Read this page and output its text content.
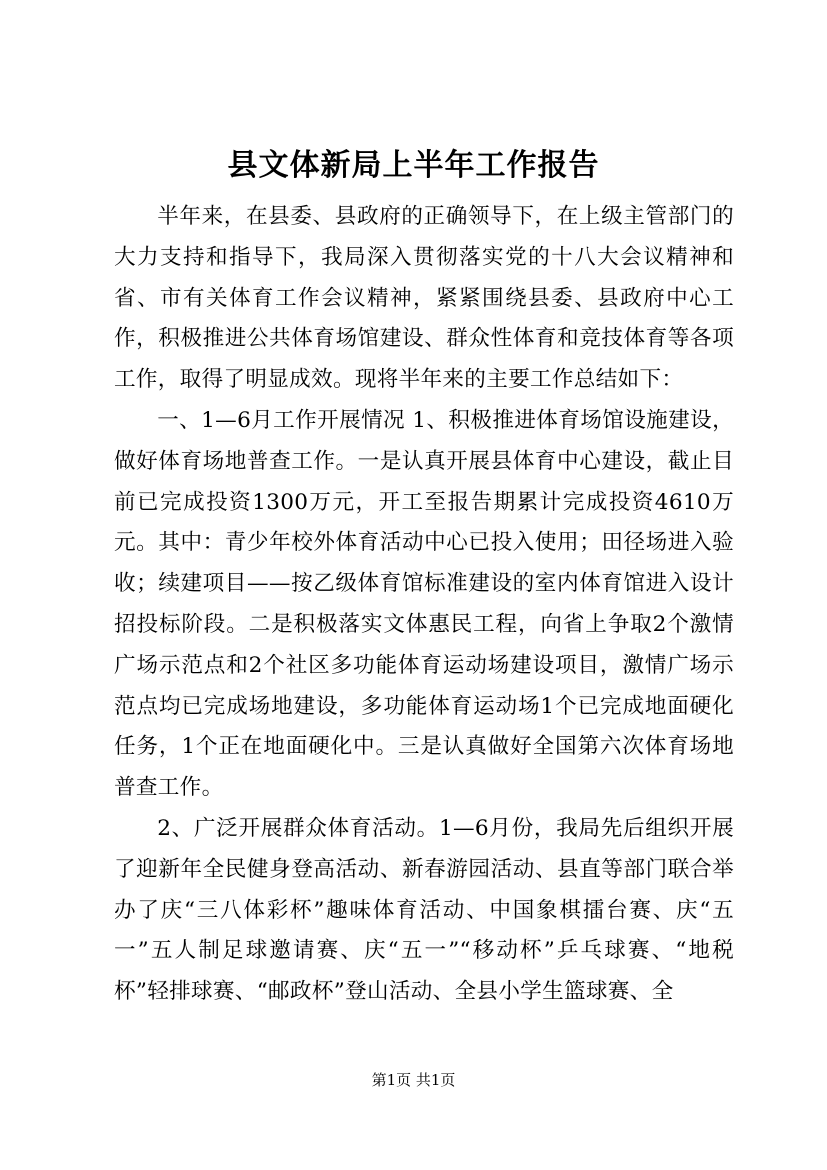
县文体新局上半年工作报告

半年来，在县委、县政府的正确领导下，在上级主管部门的大力支持和指导下，我局深入贯彻落实党的十八大会议精神和省、市有关体育工作会议精神，紧紧围绕县委、县政府中心工作，积极推进公共体育场馆建设、群众性体育和竞技体育等各项工作，取得了明显成效。现将半年来的主要工作总结如下：

一、1—6月工作开展情况 1、积极推进体育场馆设施建设，做好体育场地普查工作。一是认真开展县体育中心建设，截止目前已完成投资1300万元，开工至报告期累计完成投资4610万元。其中：青少年校外体育活动中心已投入使用；田径场进入验收；续建项目——按乙级体育馆标准建设的室内体育馆进入设计招投标阶段。二是积极落实文体惠民工程，向省上争取2个激情广场示范点和2个社区多功能体育运动场建设项目，激情广场示范点均已完成场地建设，多功能体育运动场1个已完成地面硬化任务，1个正在地面硬化中。三是认真做好全国第六次体育场地普查工作。

2、广泛开展群众体育活动。1—6月份，我局先后组织开展了迎新年全民健身登高活动、新春游园活动、县直等部门联合举办了庆“三八体彩杯”趣味体育活动、中国象棋擂台赛、庆“五一”五人制足球邀请赛、庆“五一”“移动杯”乒乓球赛、“地税杯”轻排球赛、“邮政杯”登山活动、全县小学生篮球赛、全

第1页 共1页
